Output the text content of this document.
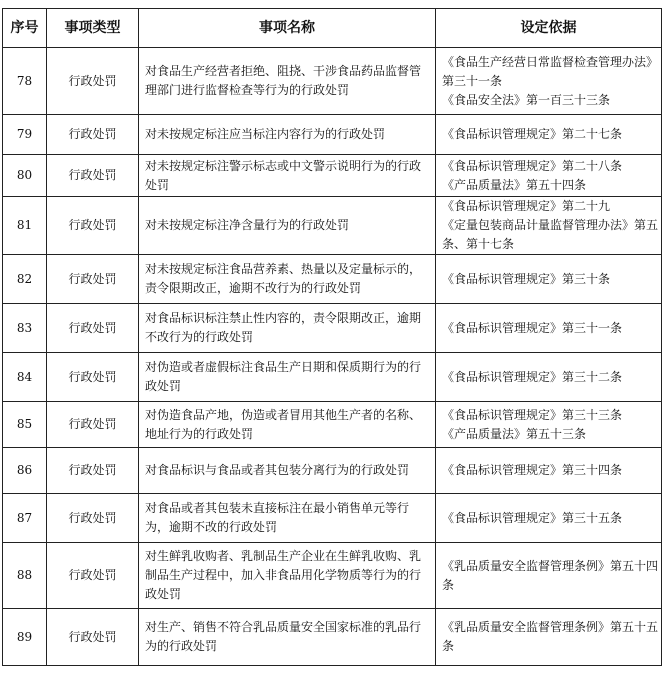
序号	事项类型	事项名称	设定依据
78	行政处罚	对食品生产经营者拒绝、阻挠、干涉食品药品监督管理部门进行监督检查等行为的行政处罚	《食品生产经营日常监督检查管理办法》第三十一条
《食品安全法》第一百三十三条

79	行政处罚	对未按规定标注应当标注内容行为的行政处罚	《食品标识管理规定》第二十七条

80	行政处罚	对未按规定标注警示标志或中文警示说明行为的行政处罚	《食品标识管理规定》第二十八条
《产品质量法》第五十四条

81	行政处罚	对未按规定标注净含量行为的行政处罚	《食品标识管理规定》第二十九
《定量包装商品计量监督管理办法》第五条、第十七条

82	行政处罚	对未按规定标注食品营养素、热量以及定量标示的，责令限期改正，逾期不改行为的行政处罚	《食品标识管理规定》第三十条

83	行政处罚	对食品标识标注禁止性内容的，责令限期改正，逾期不改行为的行政处罚	《食品标识管理规定》第三十一条

84	行政处罚	对伪造或者虚假标注食品生产日期和保质期行为的行政处罚	《食品标识管理规定》第三十二条

85	行政处罚	对伪造食品产地，伪造或者冒用其他生产者的名称、地址行为的行政处罚	《食品标识管理规定》第三十三条
《产品质量法》第五十三条

86	行政处罚	对食品标识与食品或者其包装分离行为的行政处罚	《食品标识管理规定》第三十四条

87	行政处罚	对食品或者其包装未直接标注在最小销售单元等行为，逾期不改的行政处罚	《食品标识管理规定》第三十五条

88	行政处罚	对生鲜乳收购者、乳制品生产企业在生鲜乳收购、乳制品生产过程中，加入非食品用化学物质等行为的行政处罚	《乳品质量安全监督管理条例》第五十四条

89	行政处罚	对生产、销售不符合乳品质量安全国家标准的乳品行为的行政处罚	《乳品质量安全监督管理条例》第五十五条
